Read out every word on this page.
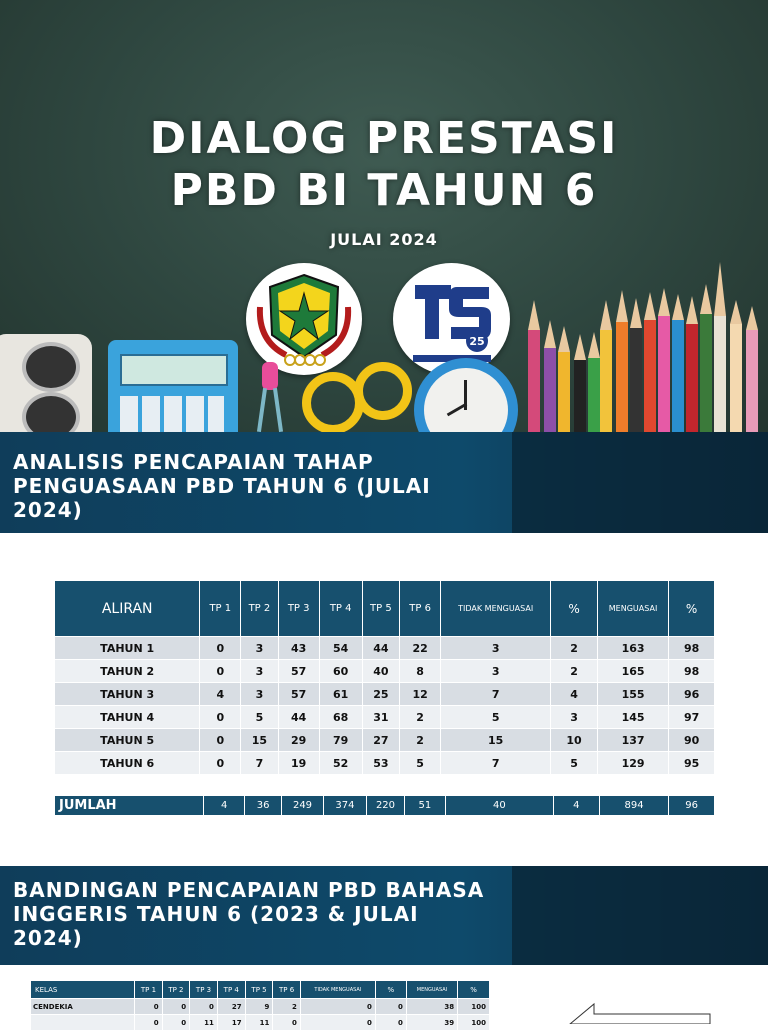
DIALOG PRESTASI
PBD BI TAHUN 6
JULAI 2024
25
ANALISIS PENCAPAIAN TAHAP PENGUASAAN PBD TAHUN 6 (JULAI 2024)
ALIRAN	TP 1	TP 2	TP 3	TP 4	TP 5	TP 6	TIDAK MENGUASAI	%	MENGUASAI	%
TAHUN 1	0	3	43	54	44	22	3	2	163	98
TAHUN 2	0	3	57	60	40	8	3	2	165	98
TAHUN 3	4	3	57	61	25	12	7	4	155	96
TAHUN 4	0	5	44	68	31	2	5	3	145	97
TAHUN 5	0	15	29	79	27	2	15	10	137	90
TAHUN 6	0	7	19	52	53	5	7	5	129	95
JUMLAH	4	36	249	374	220	51	40	4	894	96
BANDINGAN PENCAPAIAN PBD BAHASA INGGERIS TAHUN 6 (2023 & JULAI 2024)
KELAS	TP 1	TP 2	TP 3	TP 4	TP 5	TP 6	TIDAK MENGUASAI	%	MENGUASAI	%
CENDEKIA	0	0	0	27	9	2	0	0	38	100
	0	0	11	17	11	0	0	0	39	100
